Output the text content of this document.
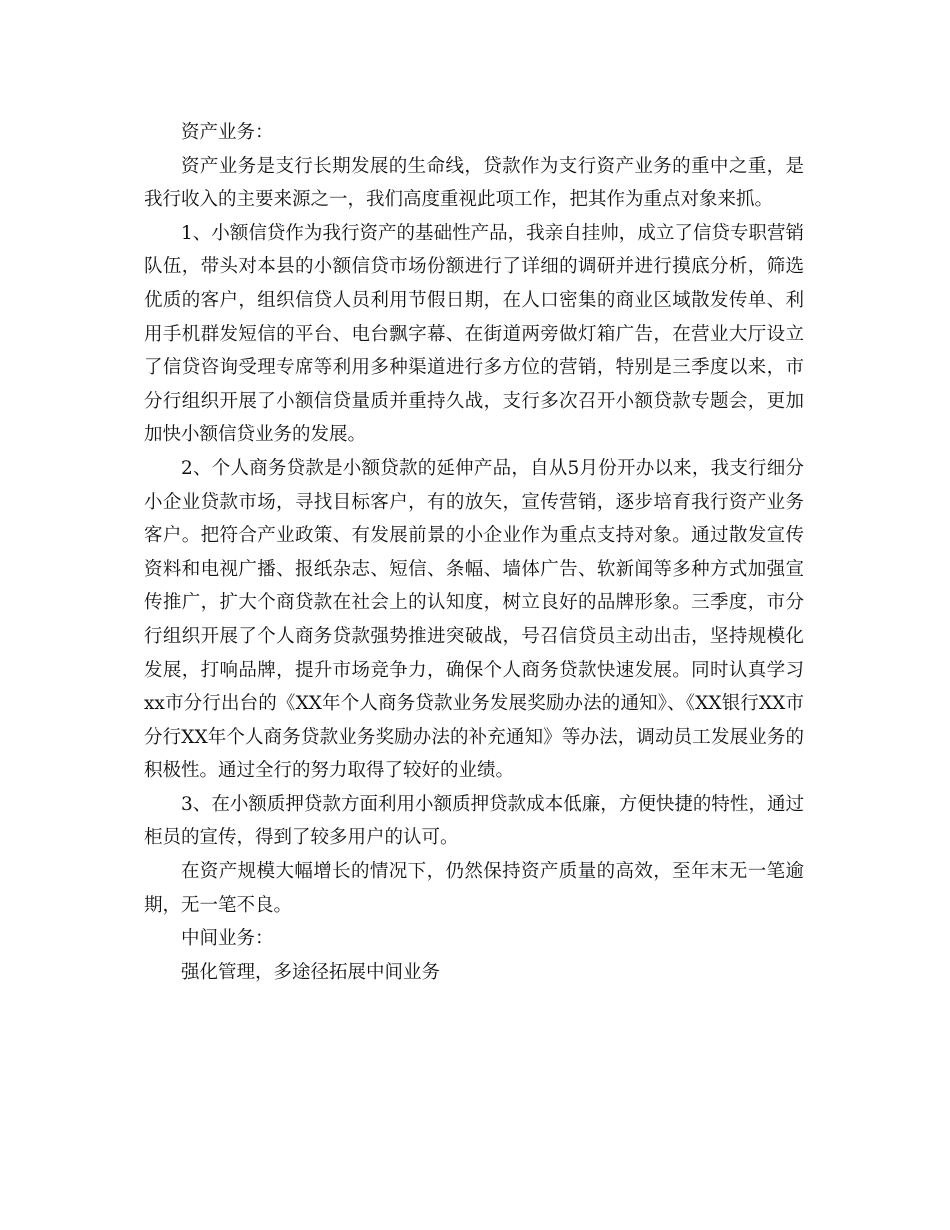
资产业务：

资产业务是支行长期发展的生命线，贷款作为支行资产业务的重中之重，是我行收入的主要来源之一，我们高度重视此项工作，把其作为重点对象来抓。

1、小额信贷作为我行资产的基础性产品，我亲自挂帅，成立了信贷专职营销队伍，带头对本县的小额信贷市场份额进行了详细的调研并进行摸底分析，筛选优质的客户，组织信贷人员利用节假日期，在人口密集的商业区域散发传单、利用手机群发短信的平台、电台飘字幕、在街道两旁做灯箱广告，在营业大厅设立了信贷咨询受理专席等利用多种渠道进行多方位的营销，特别是三季度以来，市分行组织开展了小额信贷量质并重持久战，支行多次召开小额贷款专题会，更加加快小额信贷业务的发展。

2、个人商务贷款是小额贷款的延伸产品，自从5月份开办以来，我支行细分小企业贷款市场，寻找目标客户，有的放矢，宣传营销，逐步培育我行资产业务客户。把符合产业政策、有发展前景的小企业作为重点支持对象。通过散发宣传资料和电视广播、报纸杂志、短信、条幅、墙体广告、软新闻等多种方式加强宣传推广，扩大个商贷款在社会上的认知度，树立良好的品牌形象。三季度，市分行组织开展了个人商务贷款强势推进突破战，号召信贷员主动出击，坚持规模化发展，打响品牌，提升市场竞争力，确保个人商务贷款快速发展。同时认真学习xx市分行出台的《XX年个人商务贷款业务发展奖励办法的通知》、《XX银行XX市分行XX年个人商务贷款业务奖励办法的补充通知》等办法，调动员工发展业务的积极性。通过全行的努力取得了较好的业绩。

3、在小额质押贷款方面利用小额质押贷款成本低廉，方便快捷的特性，通过柜员的宣传，得到了较多用户的认可。

在资产规模大幅增长的情况下，仍然保持资产质量的高效，至年末无一笔逾期，无一笔不良。

中间业务：

强化管理，多途径拓展中间业务
